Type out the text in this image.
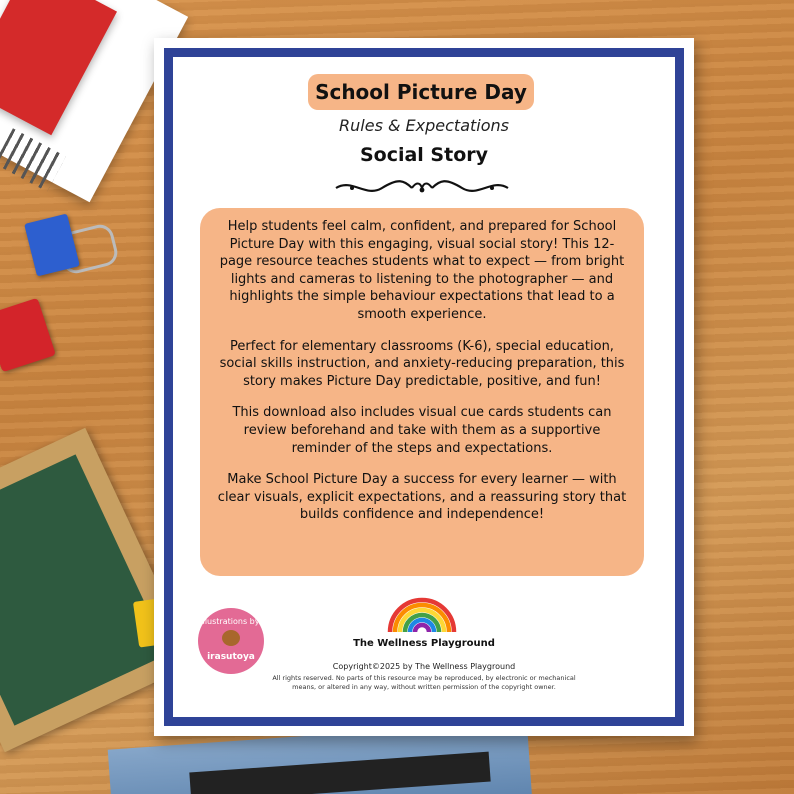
School Picture Day
Rules & Expectations
Social Story

Help students feel calm, confident, and prepared for School Picture Day with this engaging, visual social story! This 12-page resource teaches students what to expect — from bright lights and cameras to listening to the photographer — and highlights the simple behaviour expectations that lead to a smooth experience.

Perfect for elementary classrooms (K-6), special education, social skills instruction, and anxiety-reducing preparation, this story makes Picture Day predictable, positive, and fun!

This download also includes visual cue cards students can review beforehand and take with them as a supportive reminder of the steps and expectations.

Make School Picture Day a success for every learner — with clear visuals, explicit expectations, and a reassuring story that builds confidence and independence!

illustrations by:
irasutoya
The Wellness Playground
Copyright©2025 by The Wellness Playground
All rights reserved. No parts of this resource may be reproduced, by electronic or mechanical means, or altered in any way, without written permission of the copyright owner.
